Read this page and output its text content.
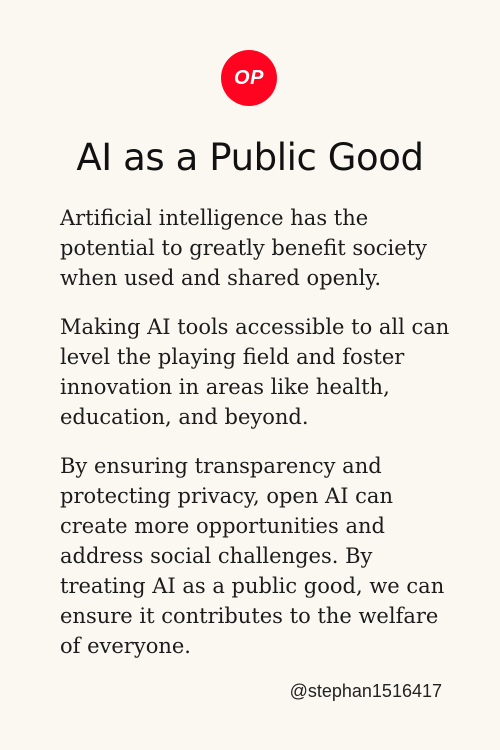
OP
AI as a Public Good

Artificial intelligence has the potential to greatly benefit society when used and shared openly.

Making AI tools accessible to all can level the playing field and foster innovation in areas like health, education, and beyond.

By ensuring transparency and protecting privacy, open AI can create more opportunities and address social challenges. By treating AI as a public good, we can ensure it contributes to the welfare of everyone.

@stephan1516417
